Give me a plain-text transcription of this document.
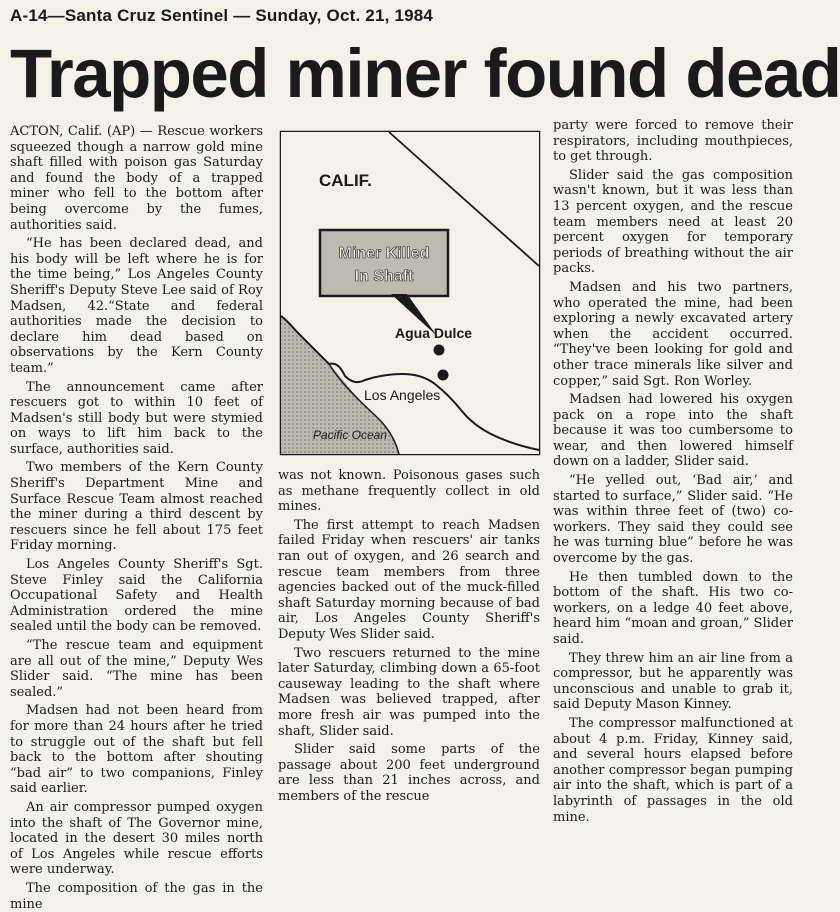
A-14—Santa Cruz Sentinel — Sunday, Oct. 21, 1984
Trapped miner found dead

ACTON, Calif. (AP) — Rescue workers squeezed though a narrow gold mine shaft filled with poison gas Saturday and found the body of a trapped miner who fell to the bottom after being overcome by the fumes, authorities said.

“He has been declared dead, and his body will be left where he is for the time being,” Los Angeles County Sheriff's Deputy Steve Lee said of Roy Madsen, 42.“State and federal authorities made the decision to declare him dead based on observations by the Kern County team.”

The announcement came after rescuers got to within 10 feet of Madsen's still body but were stymied on ways to lift him back to the surface, authorities said.

Two members of the Kern County Sheriff's Department Mine and Surface Rescue Team almost reached the miner during a third descent by rescuers since he fell about 175 feet Friday morning.

Los Angeles County Sheriff's Sgt. Steve Finley said the California Occupational Safety and Health Administration ordered the mine sealed until the body can be removed.

“The rescue team and equipment are all out of the mine,” Deputy Wes Slider said. “The mine has been sealed.”

Madsen had not been heard from for more than 24 hours after he tried to struggle out of the shaft but fell back to the bottom after shouting “bad air” to two companions, Finley said earlier.

An air compressor pumped oxygen into the shaft of The Governor mine, located in the desert 30 miles north of Los Angeles while rescue efforts were underway.

The composition of the gas in the mine

CALIF.
Miner Killed
In Shaft
Agua Dulce
Los Angeles
Pacific Ocean

was not known. Poisonous gases such as methane frequently collect in old mines.

The first attempt to reach Madsen failed Friday when rescuers' air tanks ran out of oxygen, and 26 search and rescue team members from three agencies backed out of the muck-filled shaft Saturday morning because of bad air, Los Angeles County Sheriff's Deputy Wes Slider said.

Two rescuers returned to the mine later Saturday, climbing down a 65-foot causeway leading to the shaft where Madsen was believed trapped, after more fresh air was pumped into the shaft, Slider said.

Slider said some parts of the passage about 200 feet underground are less than 21 inches across, and members of the rescue

party were forced to remove their respirators, including mouthpieces, to get through.

Slider said the gas composition wasn't known, but it was less than 13 percent oxygen, and the rescue team members need at least 20 percent oxygen for temporary periods of breathing without the air packs.

Madsen and his two partners, who operated the mine, had been exploring a newly excavated artery when the accident occurred. “They've been looking for gold and other trace minerals like silver and copper,” said Sgt. Ron Worley.

Madsen had lowered his oxygen pack on a rope into the shaft because it was too cumbersome to wear, and then lowered himself down on a ladder, Slider said.

“He yelled out, ‘Bad air,’ and started to surface,” Slider said. “He was within three feet of (two) co-workers. They said they could see he was turning blue” before he was overcome by the gas.

He then tumbled down to the bottom of the shaft. His two co-workers, on a ledge 40 feet above, heard him “moan and groan,” Slider said.

They threw him an air line from a compressor, but he apparently was unconscious and unable to grab it, said Deputy Mason Kinney.

The compressor malfunctioned at about 4 p.m. Friday, Kinney said, and several hours elapsed before another compressor began pumping air into the shaft, which is part of a labyrinth of passages in the old mine.
